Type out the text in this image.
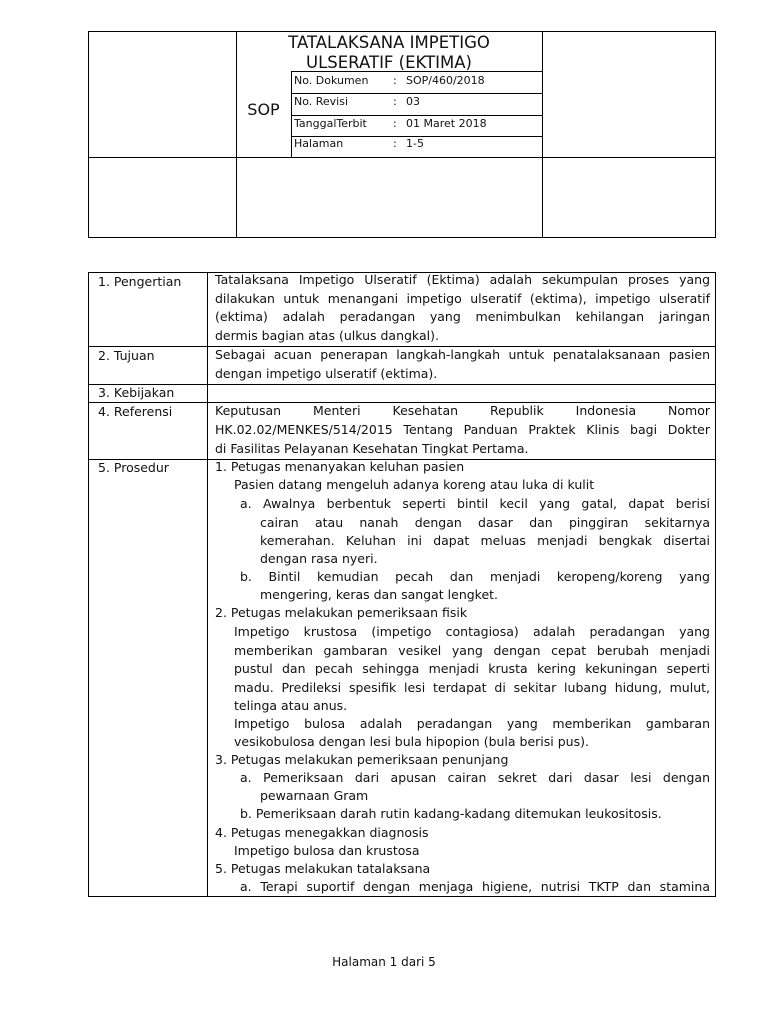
TATALAKSANA IMPETIGO
ULSERATIF (EKTIMA)
SOP
No. Dokumen : SOP/460/2018
No. Revisi	: 03
TanggalTerbit : 01 Maret 2018
Halaman	: 1-5
1. Pengertian
2. Tujuan
3. Kebijakan
4. Referensi
5. Prosedur
Tatalaksana Impetigo Ulseratif (Ektima) adalah sekumpulan proses yang
dilakukan untuk menangani impetigo ulseratif (ektima), impetigo ulseratif
(ektima) adalah peradangan yang menimbulkan kehilangan jaringan
dermis bagian atas (ulkus dangkal).
Sebagai acuan penerapan langkah-langkah untuk penatalaksanaan pasien
dengan impetigo ulseratif (ektima).
Keputusan Menteri Kesehatan Republik Indonesia Nomor
HK.02.02/MENKES/514/2015 Tentang Panduan Praktek Klinis bagi Dokter
di Fasilitas Pelayanan Kesehatan Tingkat Pertama.
1. Petugas menanyakan keluhan pasien
Pasien datang mengeluh adanya koreng atau luka di kulit
a. Awalnya berbentuk seperti bintil kecil yang gatal, dapat berisi
cairan atau nanah dengan dasar dan pinggiran sekitarnya
kemerahan. Keluhan ini dapat meluas menjadi bengkak disertai
dengan rasa nyeri.
b. Bintil kemudian pecah dan menjadi keropeng/koreng yang
mengering, keras dan sangat lengket.
2. Petugas melakukan pemeriksaan fisik
Impetigo krustosa (impetigo contagiosa) adalah peradangan yang
memberikan gambaran vesikel yang dengan cepat berubah menjadi
pustul dan pecah sehingga menjadi krusta kering kekuningan seperti
madu. Predileksi spesifik lesi terdapat di sekitar lubang hidung, mulut,
telinga atau anus.
Impetigo bulosa adalah peradangan yang memberikan gambaran
vesikobulosa dengan lesi bula hipopion (bula berisi pus).
3. Petugas melakukan pemeriksaan penunjang
a. Pemeriksaan dari apusan cairan sekret dari dasar lesi dengan
pewarnaan Gram
b. Pemeriksaan darah rutin kadang-kadang ditemukan leukositosis.
4. Petugas menegakkan diagnosis
Impetigo bulosa dan krustosa
5. Petugas melakukan tatalaksana
a. Terapi suportif dengan menjaga higiene, nutrisi TKTP dan stamina
Halaman 1 dari 5
